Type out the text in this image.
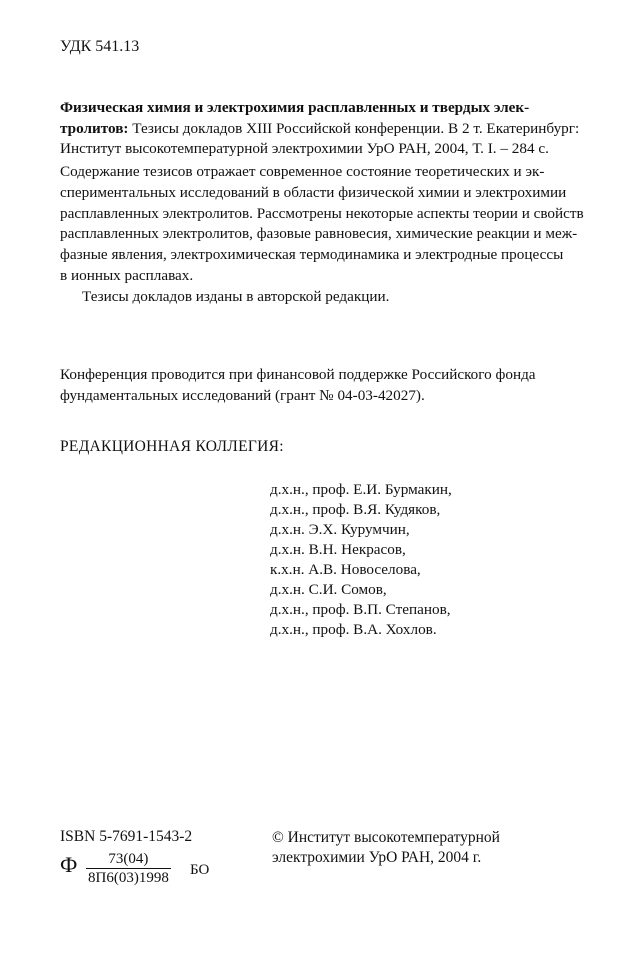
УДК 541.13
Физическая химия и электрохимия расплавленных и твердых элек-
тролитов: Тезисы докладов XIII Российской конференции. В 2 т. Екатеринбург:
Институт высокотемпературной электрохимии УрО РАН, 2004, Т. I. – 284 с.
Содержание тезисов отражает современное состояние теоретических и эк-
спериментальных исследований в области физической химии и электрохимии
расплавленных электролитов. Рассмотрены некоторые аспекты теории и свойств
расплавленных электролитов, фазовые равновесия, химические реакции и меж-
фазные явления, электрохимическая термодинамика и электродные процессы
в ионных расплавах.
Тезисы докладов изданы в авторской редакции.
Конференция проводится при финансовой поддержке Российского фонда
фундаментальных исследований (грант № 04-03-42027).
РЕДАКЦИОННАЯ КОЛЛЕГИЯ:
д.х.н., проф. Е.И. Бурмакин,
д.х.н., проф. В.Я. Кудяков,
д.х.н. Э.Х. Курумчин,
д.х.н. В.Н. Некрасов,
к.х.н. А.В. Новоселова,
д.х.н. С.И. Сомов,
д.х.н., проф. В.П. Степанов,
д.х.н., проф. В.А. Хохлов.
ISBN 5-7691-1543-2
Ф	73(04)
8П6(03)1998 БО
© Институт высокотемпературной
электрохимии УрО РАН, 2004 г.
